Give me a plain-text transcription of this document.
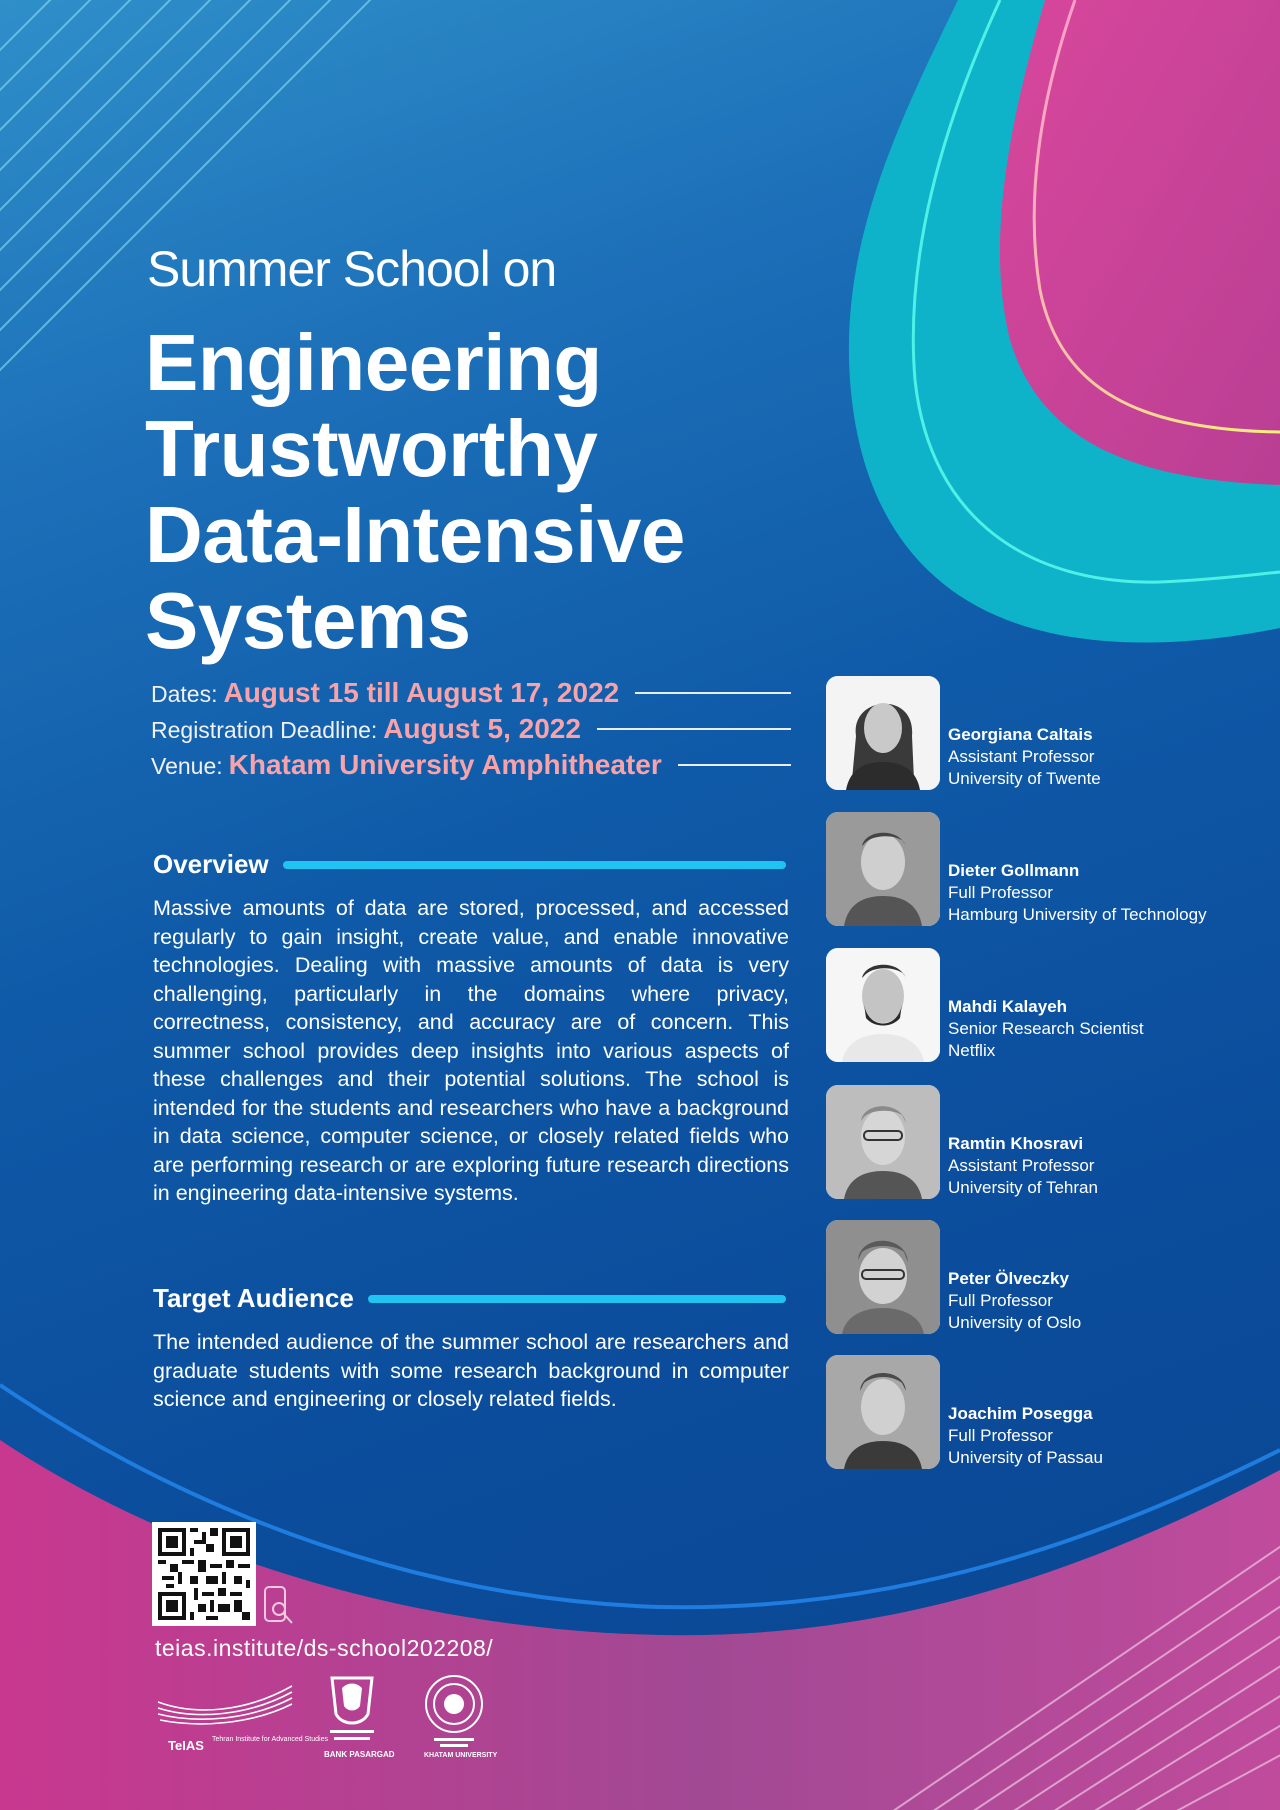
Summer School on
Engineering
Trustworthy
Data-Intensive
Systems
Dates: August 15 till August 17, 2022
Registration Deadline: August 5, 2022
Venue: Khatam University Amphitheater
Overview

Massive amounts of data are stored, processed, and accessed regularly to gain insight, create value, and enable innovative technologies. Dealing with massive amounts of data is very challenging, particularly in the domains where privacy, correctness, consistency, and accuracy are of concern. This summer school provides deep insights into various aspects of these challenges and their potential solutions. The school is intended for the students and researchers who have a background in data science, computer science, or closely related fields who are performing research or are exploring future research directions in engineering data-intensive systems.

Target Audience

The intended audience of the summer school are researchers and graduate students with some research background in computer science and engineering or closely related fields.

Georgiana Caltais
Assistant Professor
University of Twente
Dieter Gollmann
Full Professor
Hamburg University of Technology
Mahdi Kalayeh
Senior Research Scientist
Netflix
Ramtin Khosravi
Assistant Professor
University of Tehran
Peter Ölveczky
Full Professor
University of Oslo
Joachim Posegga
Full Professor
University of Passau
teias.institute/ds-school202208/
TeIAS Tehran Institute for Advanced Studies
BANK PASARGAD	KHATAM UNIVERSITY
